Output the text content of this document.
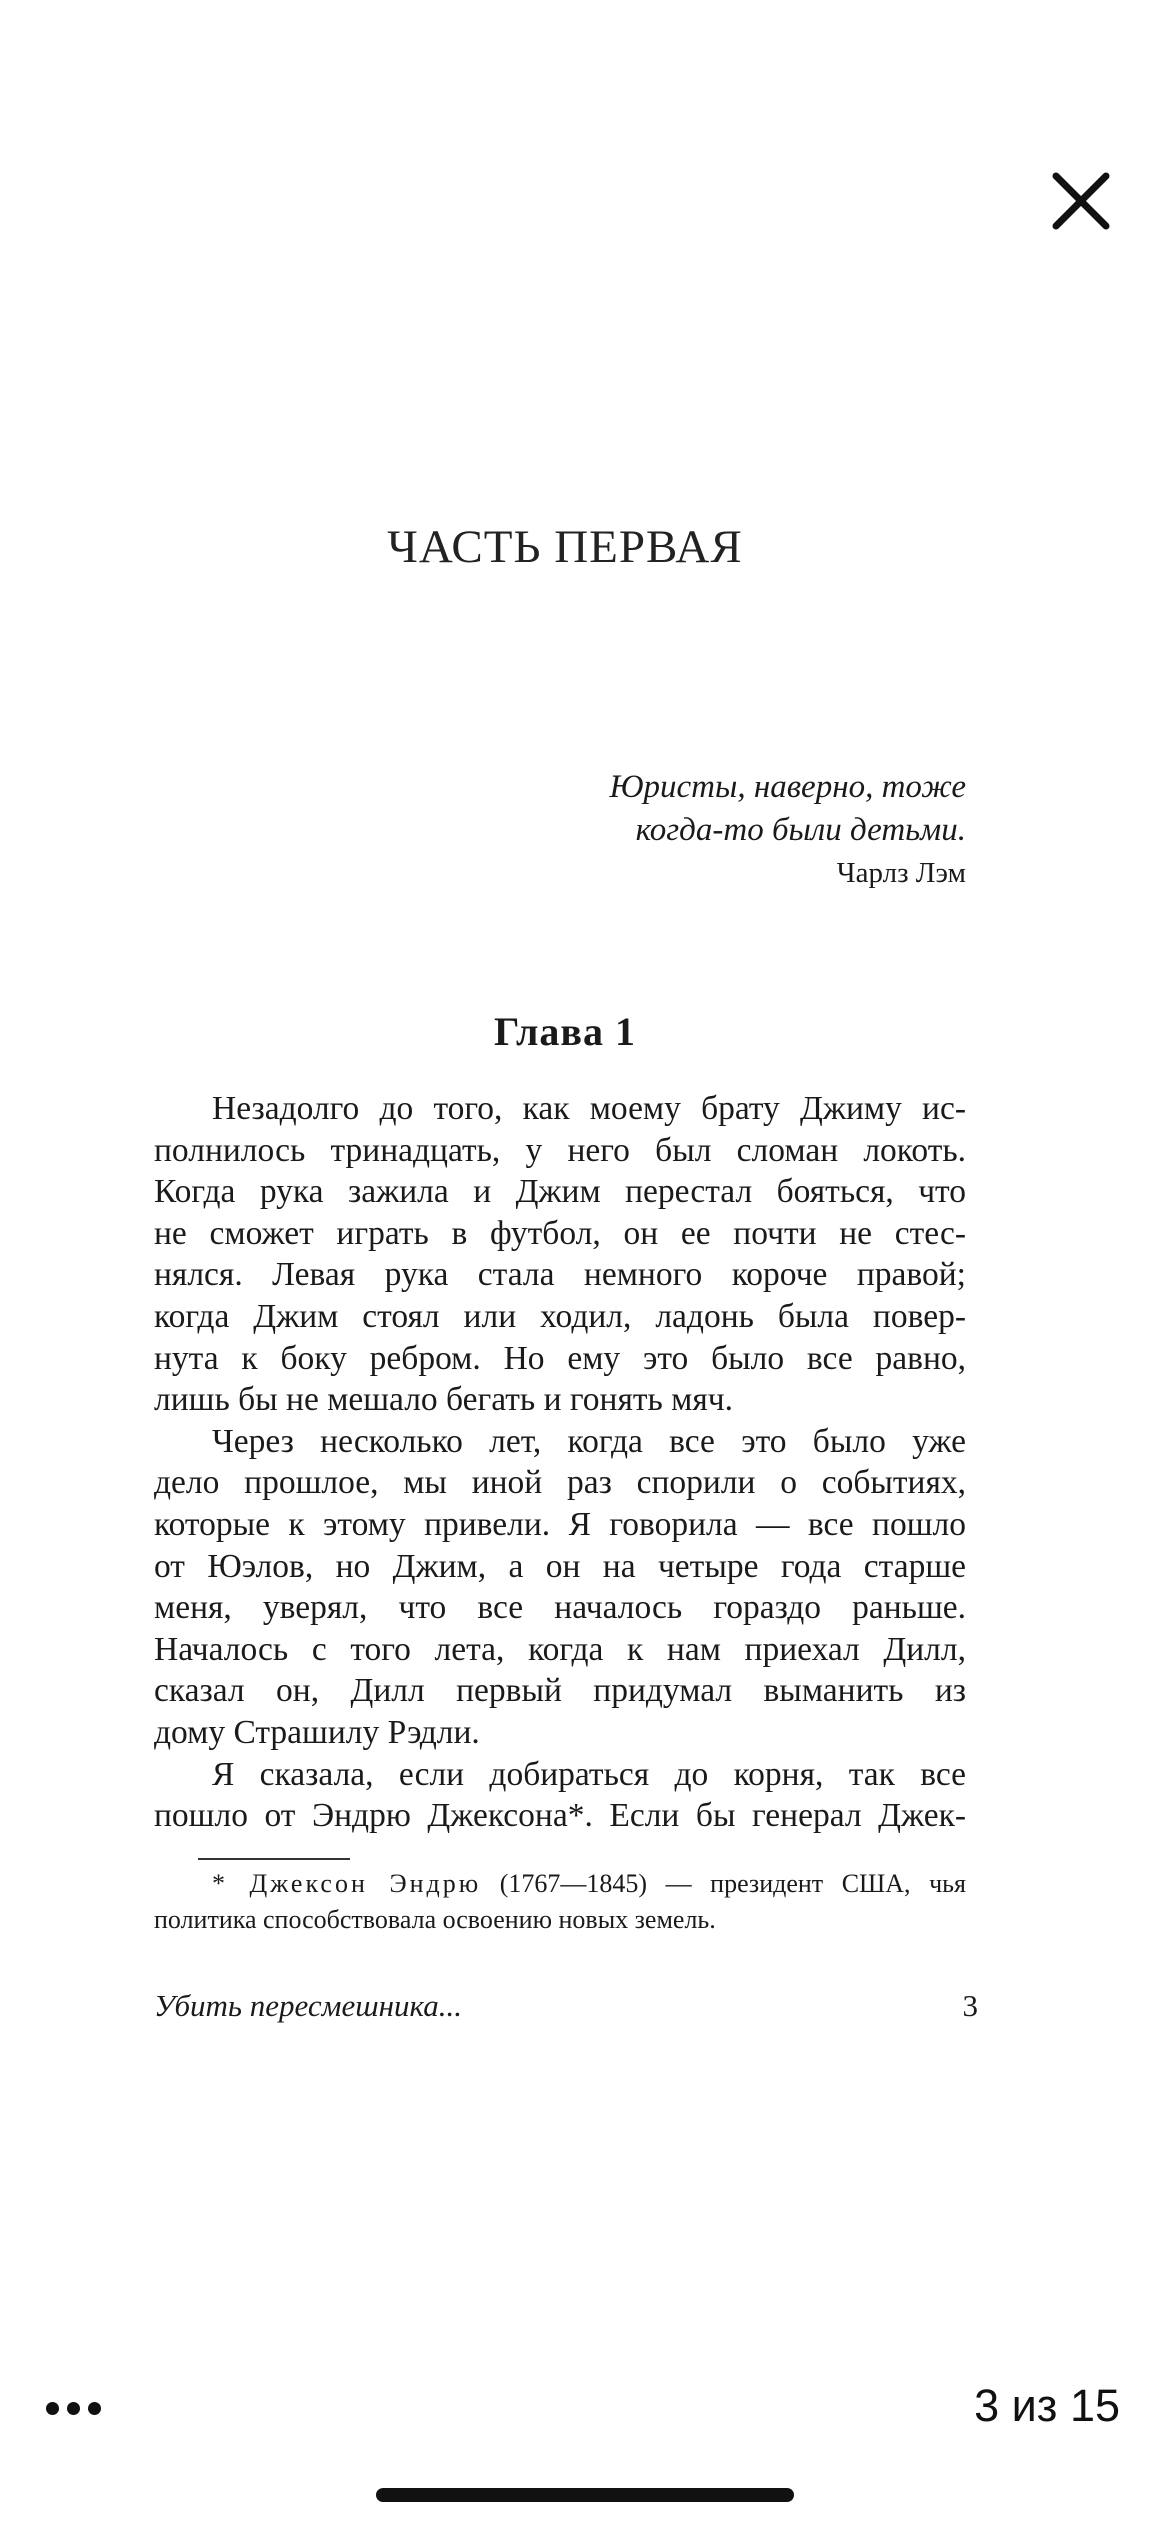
ЧАСТЬ ПЕРВАЯ
Юристы, наверно, тоже
когда-то были детьми.
Чарлз Лэм
Глава 1
Незадолго до того, как моему брату Джиму ис-
полнилось тринадцать, у него был сломан локоть.
Когда рука зажила и Джим перестал бояться, что
не сможет играть в футбол, он ее почти не стес-
нялся. Левая рука стала немного короче правой;
когда Джим стоял или ходил, ладонь была повер-
нута к боку ребром. Но ему это было все равно,
лишь бы не мешало бегать и гонять мяч.
Через несколько лет, когда все это было уже
дело прошлое, мы иной раз спорили о событиях,
которые к этому привели. Я говорила — все пошло
от Юэлов, но Джим, а он на четыре года старше
меня, уверял, что все началось гораздо раньше.
Началось с того лета, когда к нам приехал Дилл,
сказал он, Дилл первый придумал выманить из
дому Страшилу Рэдли.
Я сказала, если добираться до корня, так все
пошло от Эндрю Джексона*. Если бы генерал Джек-
* Джексон Эндрю (1767—1845) — президент США, чья
политика способствовала освоению новых земель.
Убить пересмешника...	3
3 из 15
